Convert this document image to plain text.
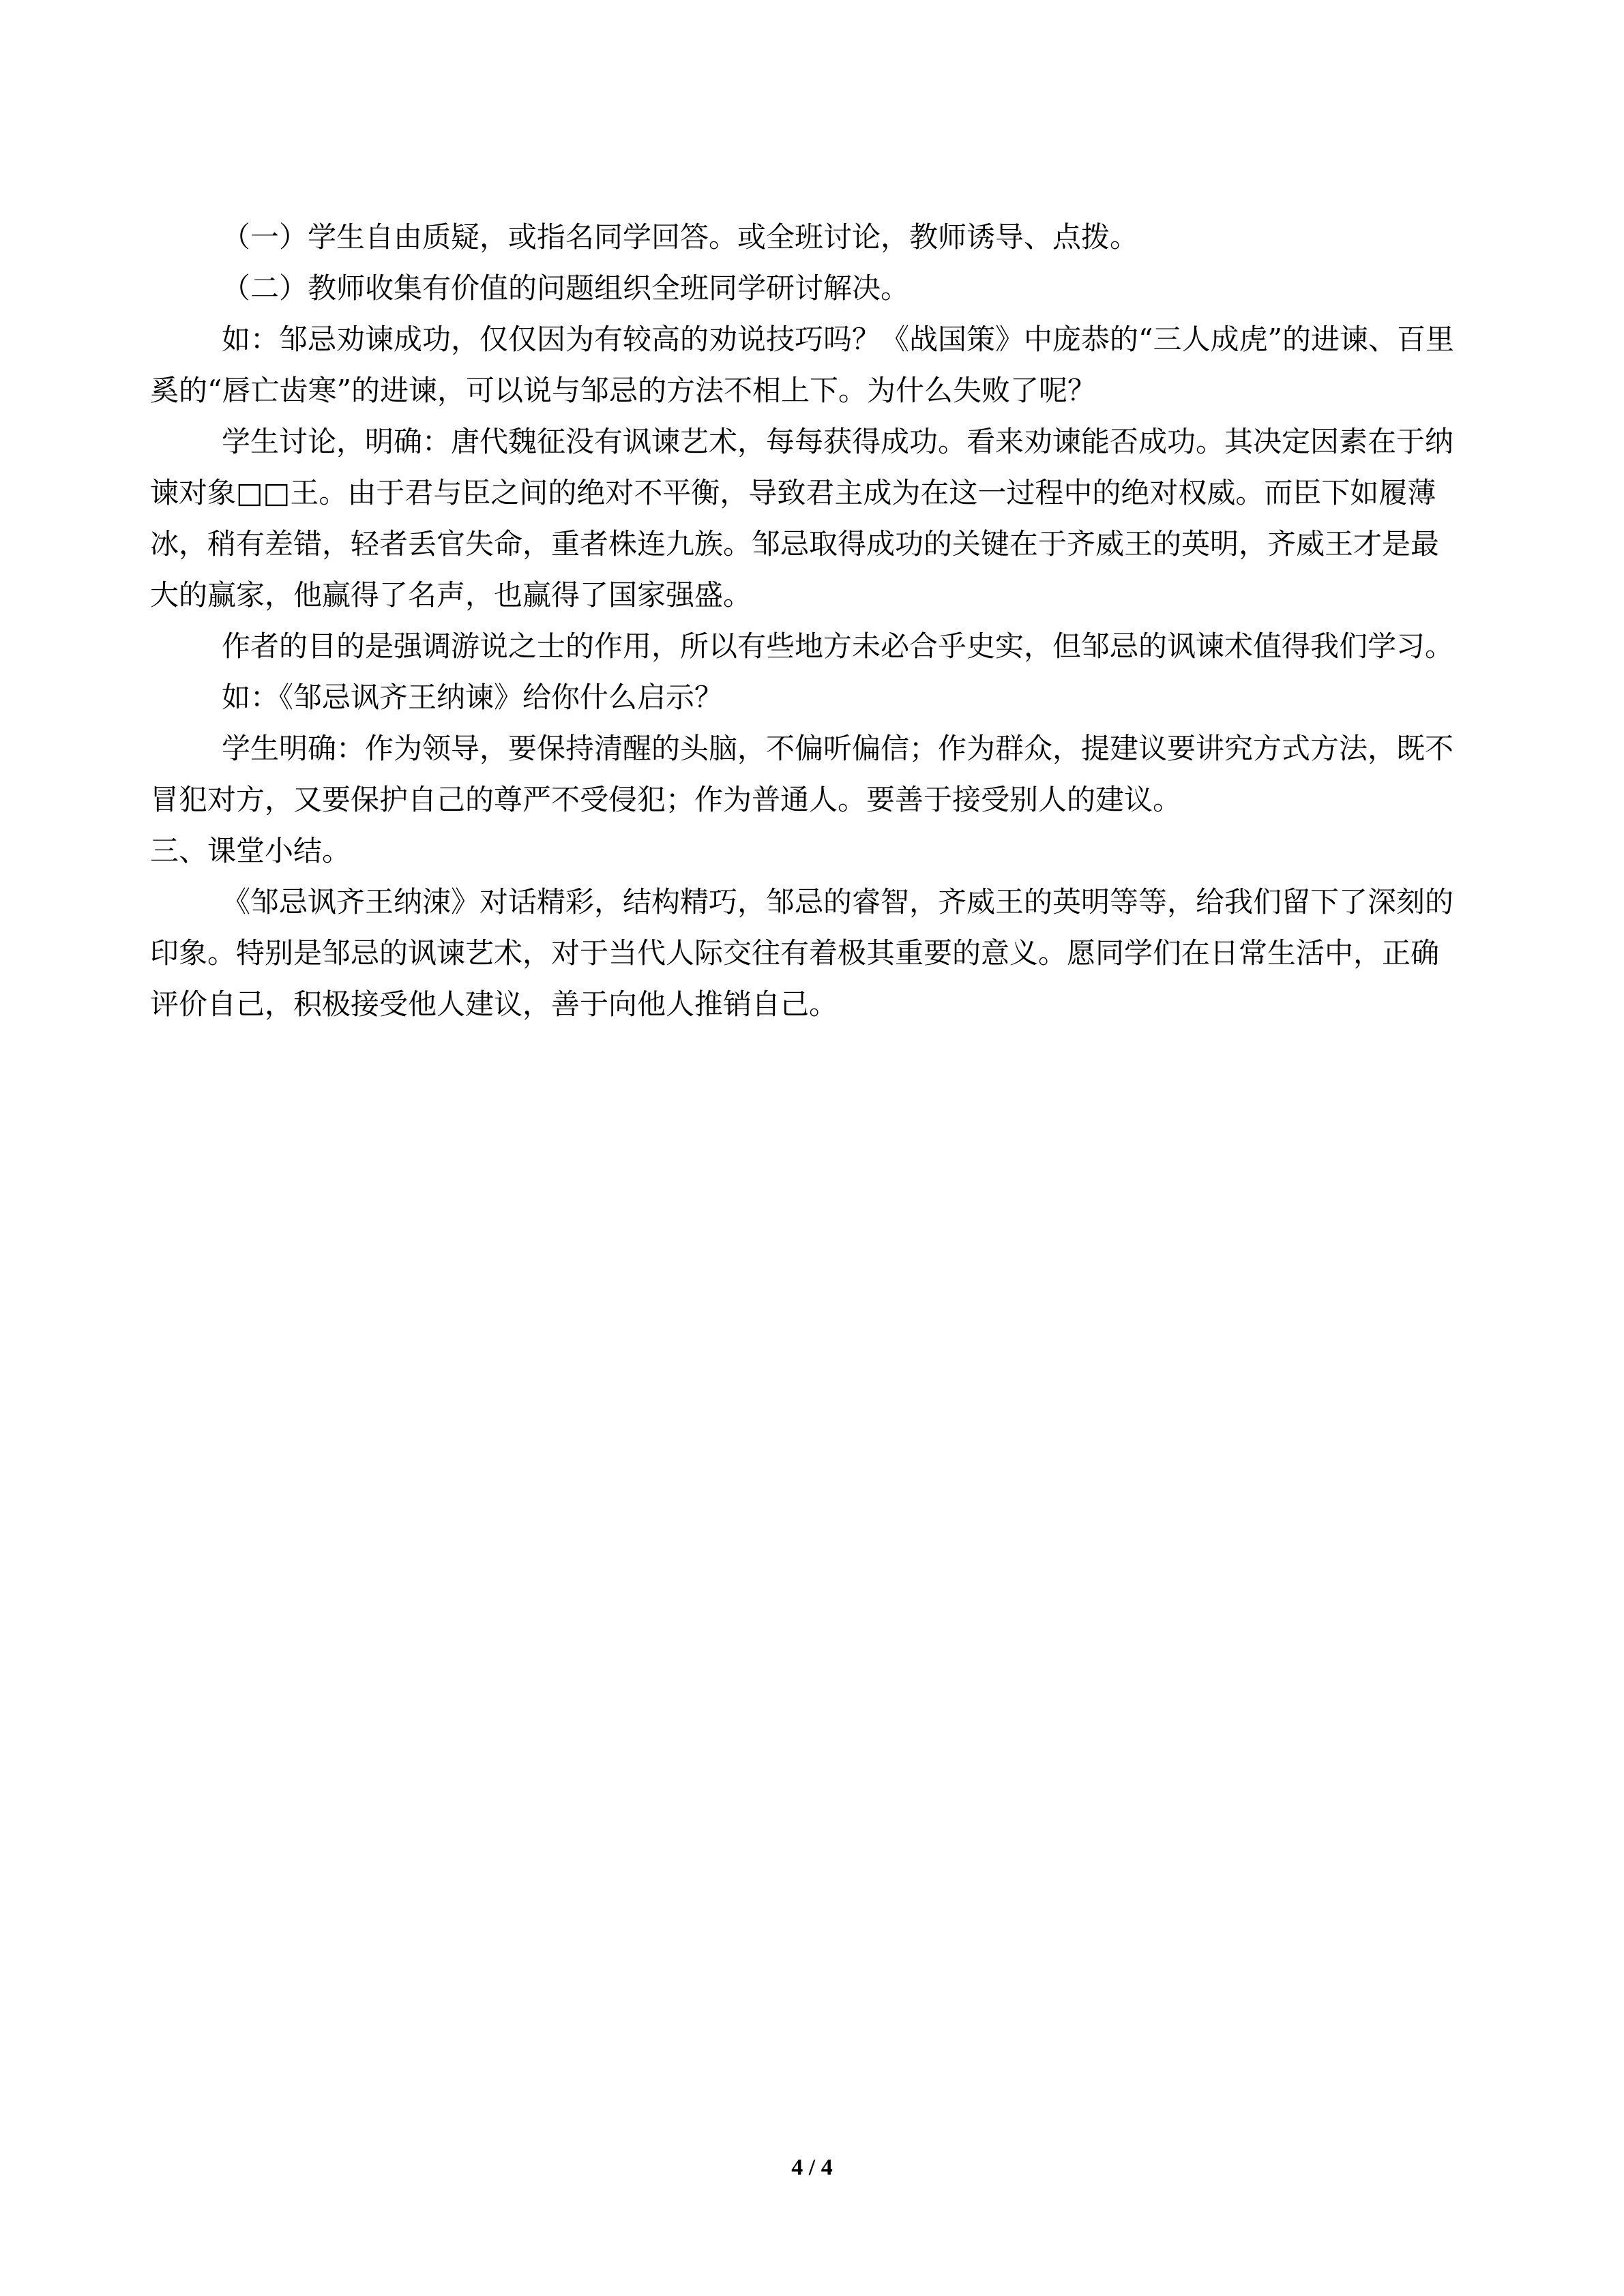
（一）学生自由质疑，或指名同学回答。或全班讨论，教师诱导、点拨。

（二）教师收集有价值的问题组织全班同学研讨解决。

如：邹忌劝谏成功，仅仅因为有较高的劝说技巧吗？《战国策》中庞恭的“三人成虎”的进谏、百里奚的“唇亡齿寒”的进谏，可以说与邹忌的方法不相上下。为什么失败了呢？

学生讨论，明确：唐代魏征没有讽谏艺术，每每获得成功。看来劝谏能否成功。其决定因素在于纳谏对象□□王。由于君与臣之间的绝对不平衡，导致君主成为在这一过程中的绝对权威。而臣下如履薄冰，稍有差错，轻者丢官失命，重者株连九族。邹忌取得成功的关键在于齐威王的英明，齐威王才是最大的赢家，他赢得了名声，也赢得了国家强盛。

作者的目的是强调游说之士的作用，所以有些地方未必合乎史实，但邹忌的讽谏术值得我们学习。

如：《邹忌讽齐王纳谏》给你什么启示？

学生明确：作为领导，要保持清醒的头脑，不偏听偏信；作为群众，提建议要讲究方式方法，既不冒犯对方，又要保护自己的尊严不受侵犯；作为普通人。要善于接受别人的建议。

三、课堂小结。

《邹忌讽齐王纳涑》对话精彩，结构精巧，邹忌的睿智，齐威王的英明等等，给我们留下了深刻的印象。特别是邹忌的讽谏艺术，对于当代人际交往有着极其重要的意义。愿同学们在日常生活中，正确评价自己，积极接受他人建议，善于向他人推销自己。

4 / 4
